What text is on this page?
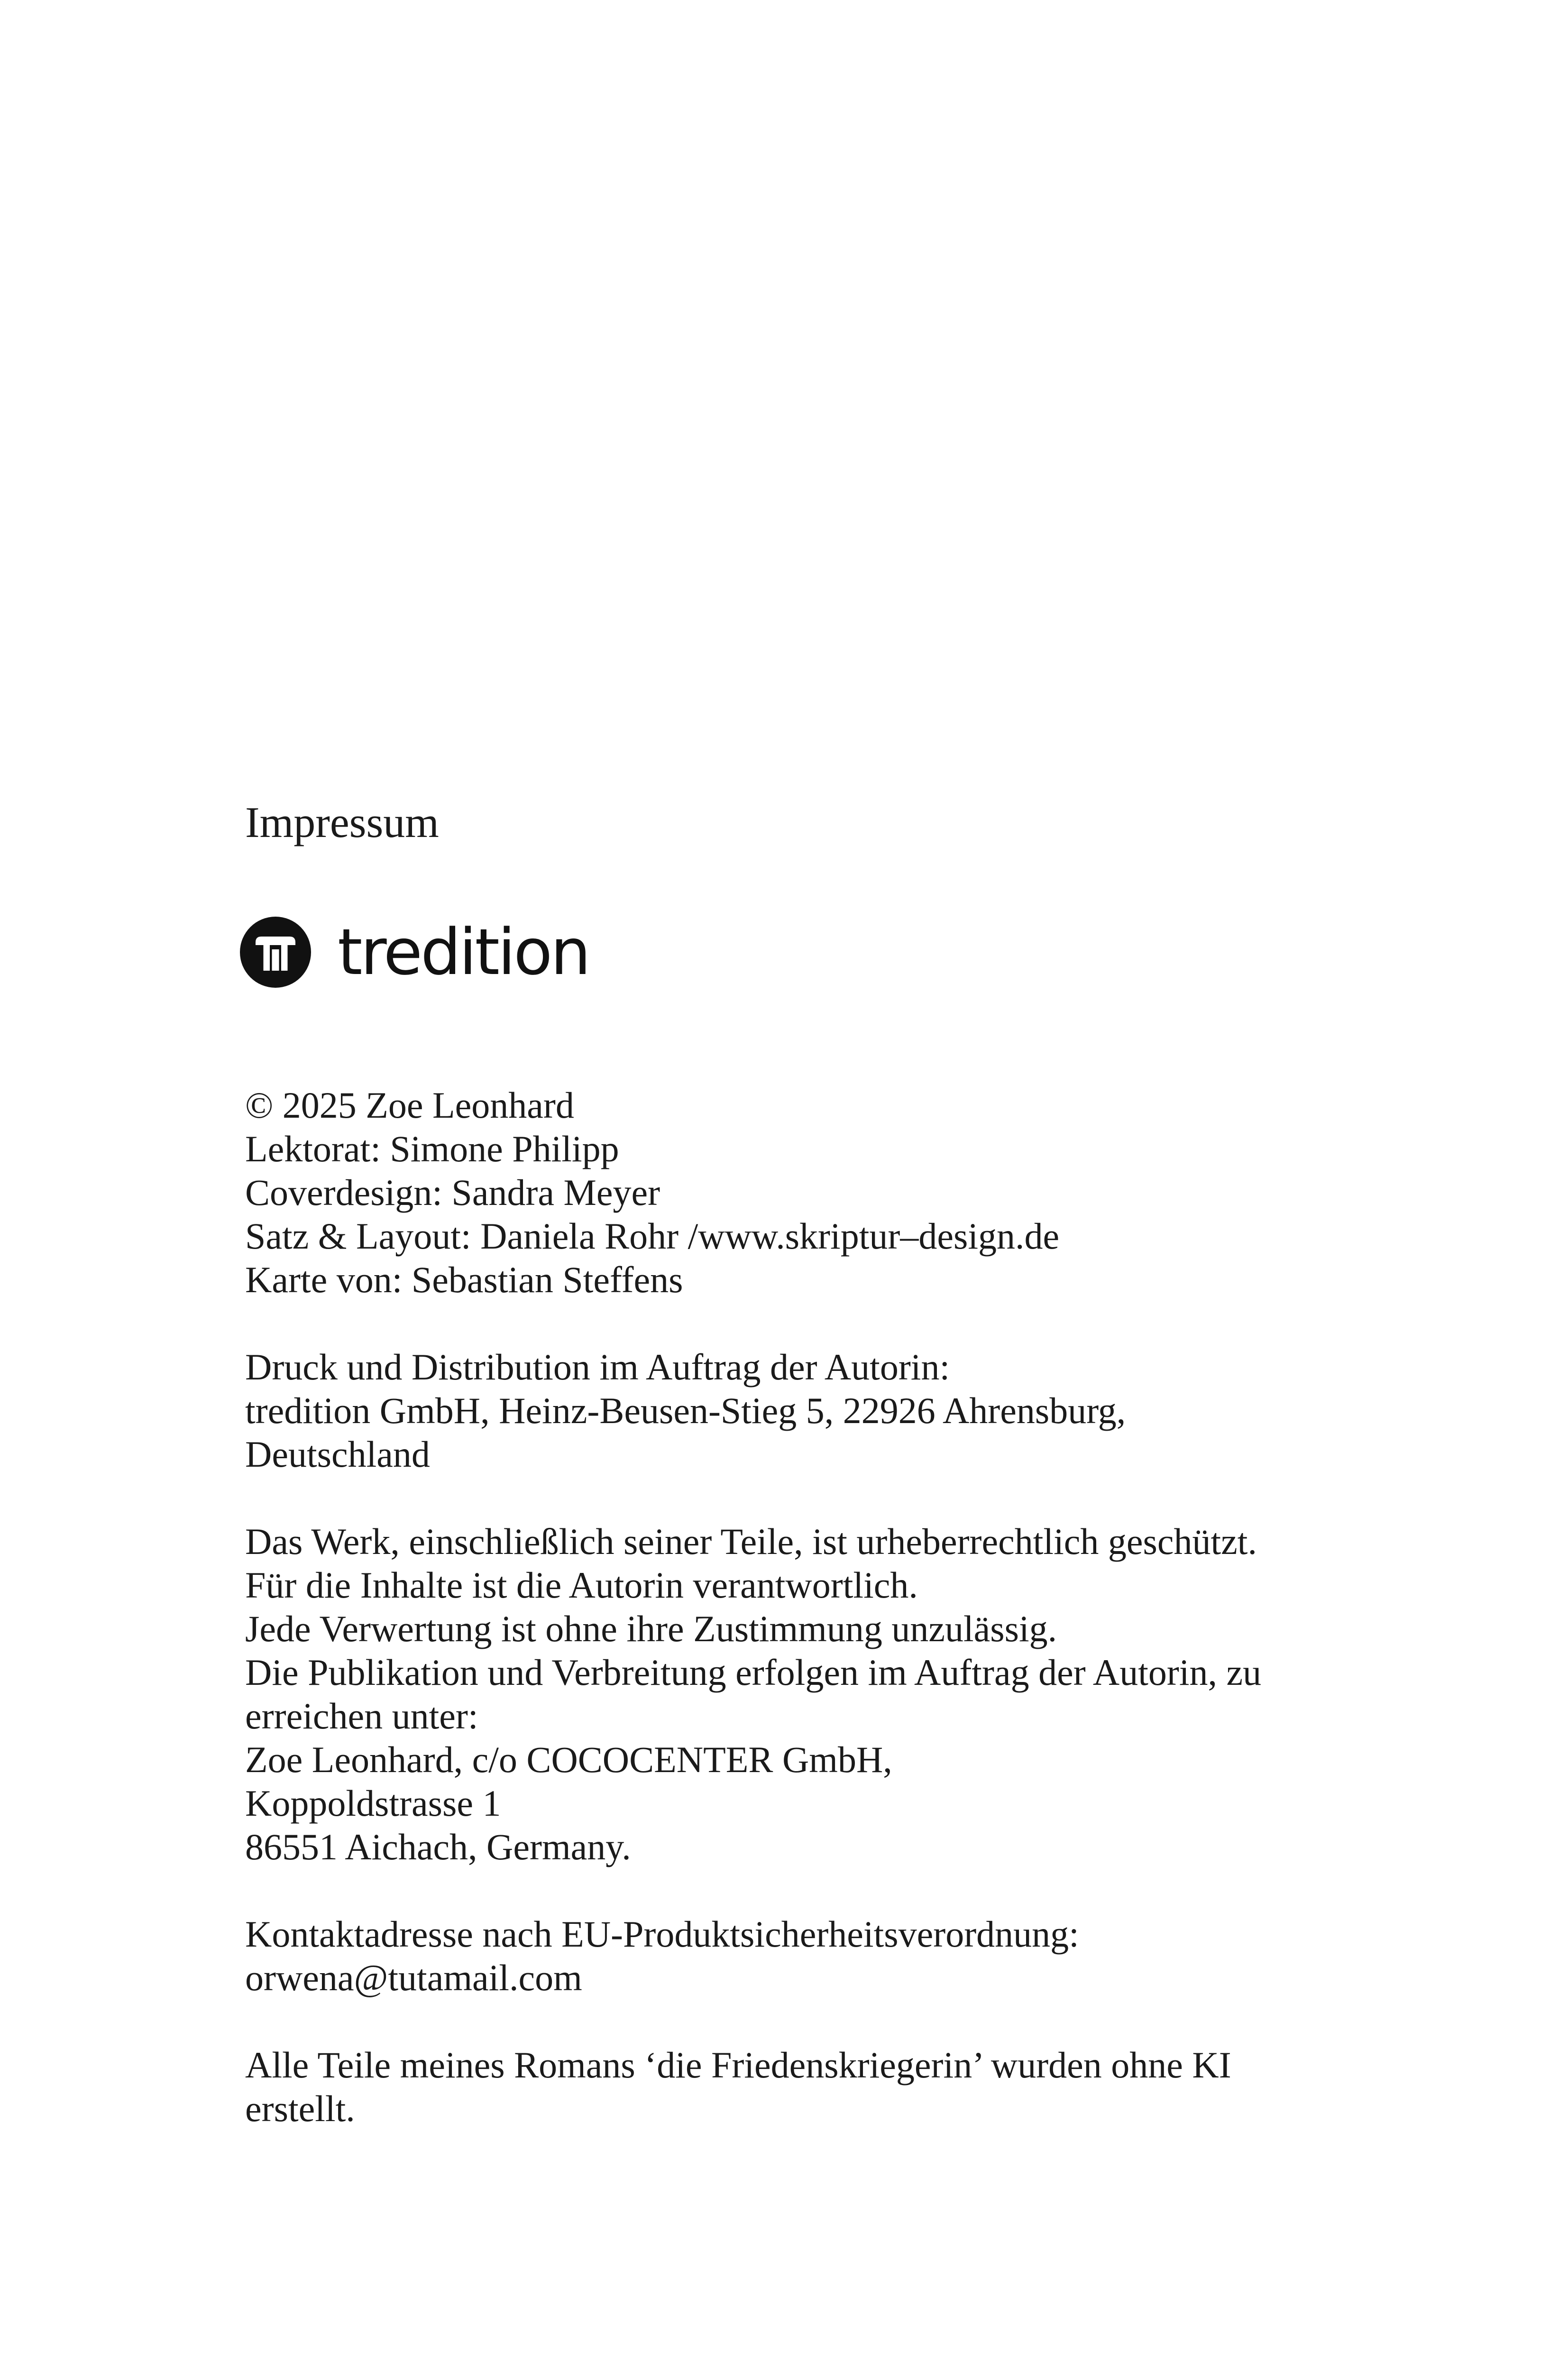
Impressum
tredition

© 2025 Zoe Leonhard
Lektorat: Simone Philipp
Coverdesign: Sandra Meyer
Satz & Layout: Daniela Rohr /www.skriptur–design.de
Karte von: Sebastian Steffens

Druck und Distribution im Auftrag der Autorin:
tredition GmbH, Heinz-Beusen-Stieg 5, 22926 Ahrensburg,
Deutschland

Das Werk, einschließlich seiner Teile, ist urheberrechtlich geschützt.
Für die Inhalte ist die Autorin verantwortlich.
Jede Verwertung ist ohne ihre Zustimmung unzulässig.
Die Publikation und Verbreitung erfolgen im Auftrag der Autorin, zu
erreichen unter:
Zoe Leonhard, c/o COCOCENTER GmbH,
Koppoldstrasse 1
86551 Aichach, Germany.

Kontaktadresse nach EU-Produktsicherheitsverordnung:
orwena@tutamail.com

Alle Teile meines Romans ‘die Friedenskriegerin’ wurden ohne KI
erstellt.
